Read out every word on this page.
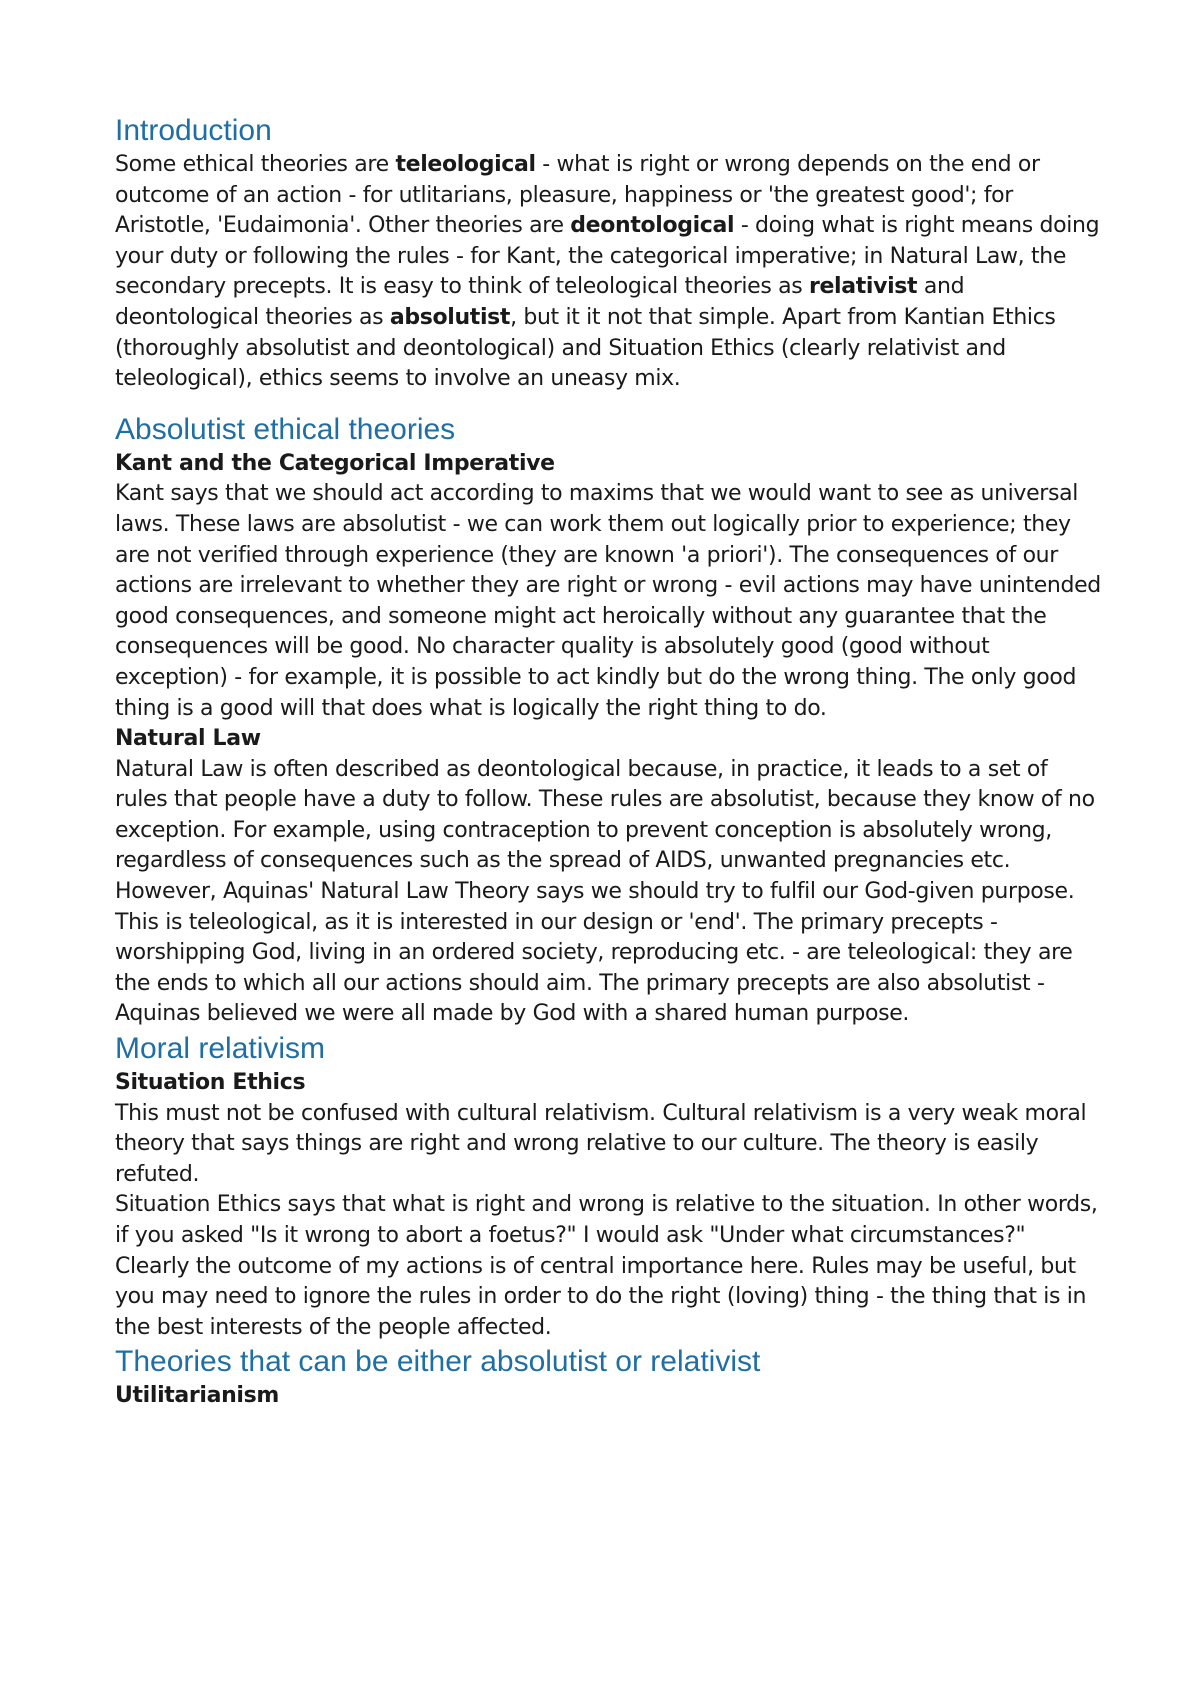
Introduction

Some ethical theories are teleological - what is right or wrong depends on the end or outcome of an action - for utlitarians, pleasure, happiness or 'the greatest good'; for Aristotle, 'Eudaimonia'. Other theories are deontological - doing what is right means doing your duty or following the rules - for Kant, the categorical imperative; in Natural Law, the secondary precepts. It is easy to think of teleological theories as relativist and deontological theories as absolutist, but it it not that simple. Apart from Kantian Ethics (thoroughly absolutist and deontological) and Situation Ethics (clearly relativist and teleological), ethics seems to involve an uneasy mix.

Absolutist ethical theories
Kant and the Categorical Imperative

Kant says that we should act according to maxims that we would want to see as universal laws. These laws are absolutist - we can work them out logically prior to experience; they are not verified through experience (they are known 'a priori'). The consequences of our actions are irrelevant to whether they are right or wrong - evil actions may have unintended good consequences, and someone might act heroically without any guarantee that the consequences will be good. No character quality is absolutely good (good without exception) - for example, it is possible to act kindly but do the wrong thing. The only good thing is a good will that does what is logically the right thing to do.

Natural Law

Natural Law is often described as deontological because, in practice, it leads to a set of rules that people have a duty to follow. These rules are absolutist, because they know of no exception. For example, using contraception to prevent conception is absolutely wrong, regardless of consequences such as the spread of AIDS, unwanted pregnancies etc.

However, Aquinas' Natural Law Theory says we should try to fulfil our God-given purpose. This is teleological, as it is interested in our design or 'end'. The primary precepts - worshipping God, living in an ordered society, reproducing etc. - are teleological: they are the ends to which all our actions should aim. The primary precepts are also absolutist - Aquinas believed we were all made by God with a shared human purpose.

Moral relativism
Situation Ethics

This must not be confused with cultural relativism. Cultural relativism is a very weak moral theory that says things are right and wrong relative to our culture. The theory is easily refuted.

Situation Ethics says that what is right and wrong is relative to the situation. In other words, if you asked "Is it wrong to abort a foetus?" I would ask "Under what circumstances?" Clearly the outcome of my actions is of central importance here. Rules may be useful, but you may need to ignore the rules in order to do the right (loving) thing - the thing that is in the best interests of the people affected.

Theories that can be either absolutist or relativist
Utilitarianism
